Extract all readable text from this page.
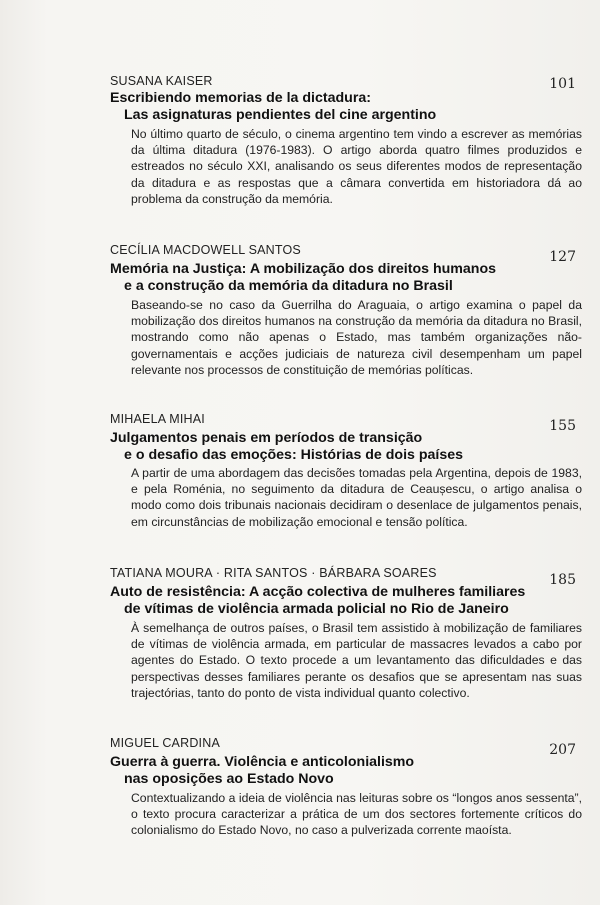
SUSANA KAISER	101
Escribiendo memorias de la dictadura:
Las asignaturas pendientes del cine argentino

No último quarto de século, o cinema argentino tem vindo a escrever as memórias da última ditadura (1976-1983). O artigo aborda quatro filmes produzidos e estreados no século XXI, analisando os seus diferentes modos de representação da ditadura e as respostas que a câmara convertida em historiadora dá ao problema da construção da memória.

CECÍLIA MACDOWELL SANTOS	127
Memória na Justiça: A mobilização dos direitos humanos
e a construção da memória da ditadura no Brasil

Baseando-se no caso da Guerrilha do Araguaia, o artigo examina o papel da mobilização dos direitos humanos na construção da memória da ditadura no Brasil, mostrando como não apenas o Estado, mas também organizações não-governamentais e acções judiciais de natureza civil desempenham um papel relevante nos processos de constituição de memórias políticas.

MIHAELA MIHAI	155
Julgamentos penais em períodos de transição
e o desafio das emoções: Histórias de dois países

A partir de uma abordagem das decisões tomadas pela Argentina, depois de 1983, e pela Roménia, no seguimento da ditadura de Ceaușescu, o artigo analisa o modo como dois tribunais nacionais decidiram o desenlace de julgamentos penais, em circunstâncias de mobilização emocional e tensão política.

TATIANA MOURA · RITA SANTOS · BÁRBARA SOARES	185
Auto de resistência: A acção colectiva de mulheres familiares
de vítimas de violência armada policial no Rio de Janeiro

À semelhança de outros países, o Brasil tem assistido à mobilização de familiares de vítimas de violência armada, em particular de massacres levados a cabo por agentes do Estado. O texto procede a um levantamento das dificuldades e das perspectivas desses familiares perante os desafios que se apresentam nas suas trajectórias, tanto do ponto de vista individual quanto colectivo.

MIGUEL CARDINA	207
Guerra à guerra. Violência e anticolonialismo
nas oposições ao Estado Novo

Contextualizando a ideia de violência nas leituras sobre os “longos anos sessenta”, o texto procura caracterizar a prática de um dos sectores fortemente críticos do colonialismo do Estado Novo, no caso a pulverizada corrente maoísta.
